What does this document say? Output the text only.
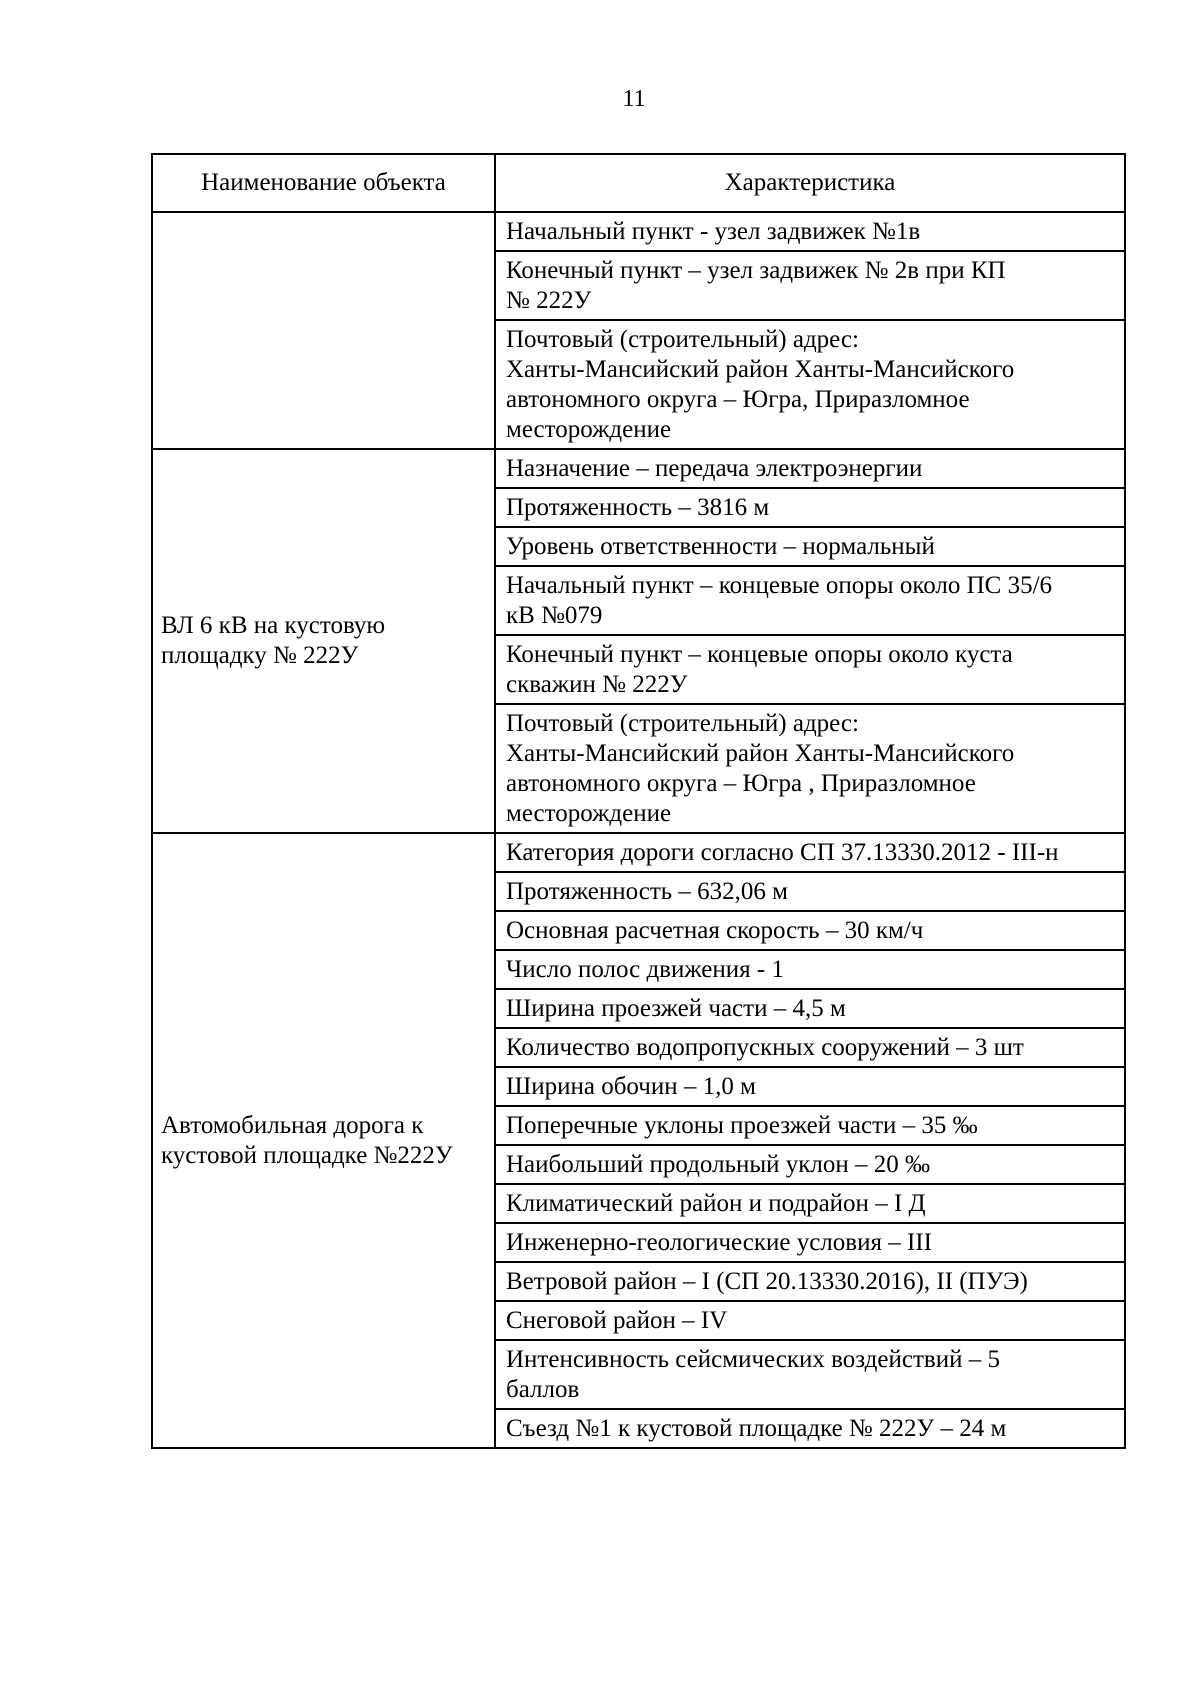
11
Наименование объекта	Характеристика

	Начальный пункт - узел задвижек №1в

	Конечный пункт – узел задвижек № 2в при КП
№ 222У

	Почтовый (строительный) адрес:
Ханты-Мансийский район Ханты-Мансийского
автономного округа – Югра, Приразломное
месторождение

ВЛ 6 кВ на кустовую
площадку № 222У	Назначение – передача электроэнергии

	Протяженность – 3816 м

	Уровень ответственности – нормальный

	Начальный пункт – концевые опоры около ПС 35/6
кВ №079

	Конечный пункт – концевые опоры около куста
скважин № 222У

	Почтовый (строительный) адрес:
Ханты-Мансийский район Ханты-Мансийского
автономного округа – Югра , Приразломное
месторождение

Автомобильная дорога к
кустовой площадке №222У	Категория дороги согласно СП 37.13330.2012 - III-н

	Протяженность – 632,06 м

	Основная расчетная скорость – 30 км/ч

	Число полос движения - 1

	Ширина проезжей части – 4,5 м

	Количество водопропускных сооружений – 3 шт

	Ширина обочин – 1,0 м

	Поперечные уклоны проезжей части – 35 ‰

	Наибольший продольный уклон – 20 ‰

	Климатический район и подрайон – I Д

	Инженерно-геологические условия – III

	Ветровой район – I (СП 20.13330.2016), II (ПУЭ)

	Снеговой район – IV

	Интенсивность сейсмических воздействий – 5
баллов

	Съезд №1 к кустовой площадке № 222У – 24 м
